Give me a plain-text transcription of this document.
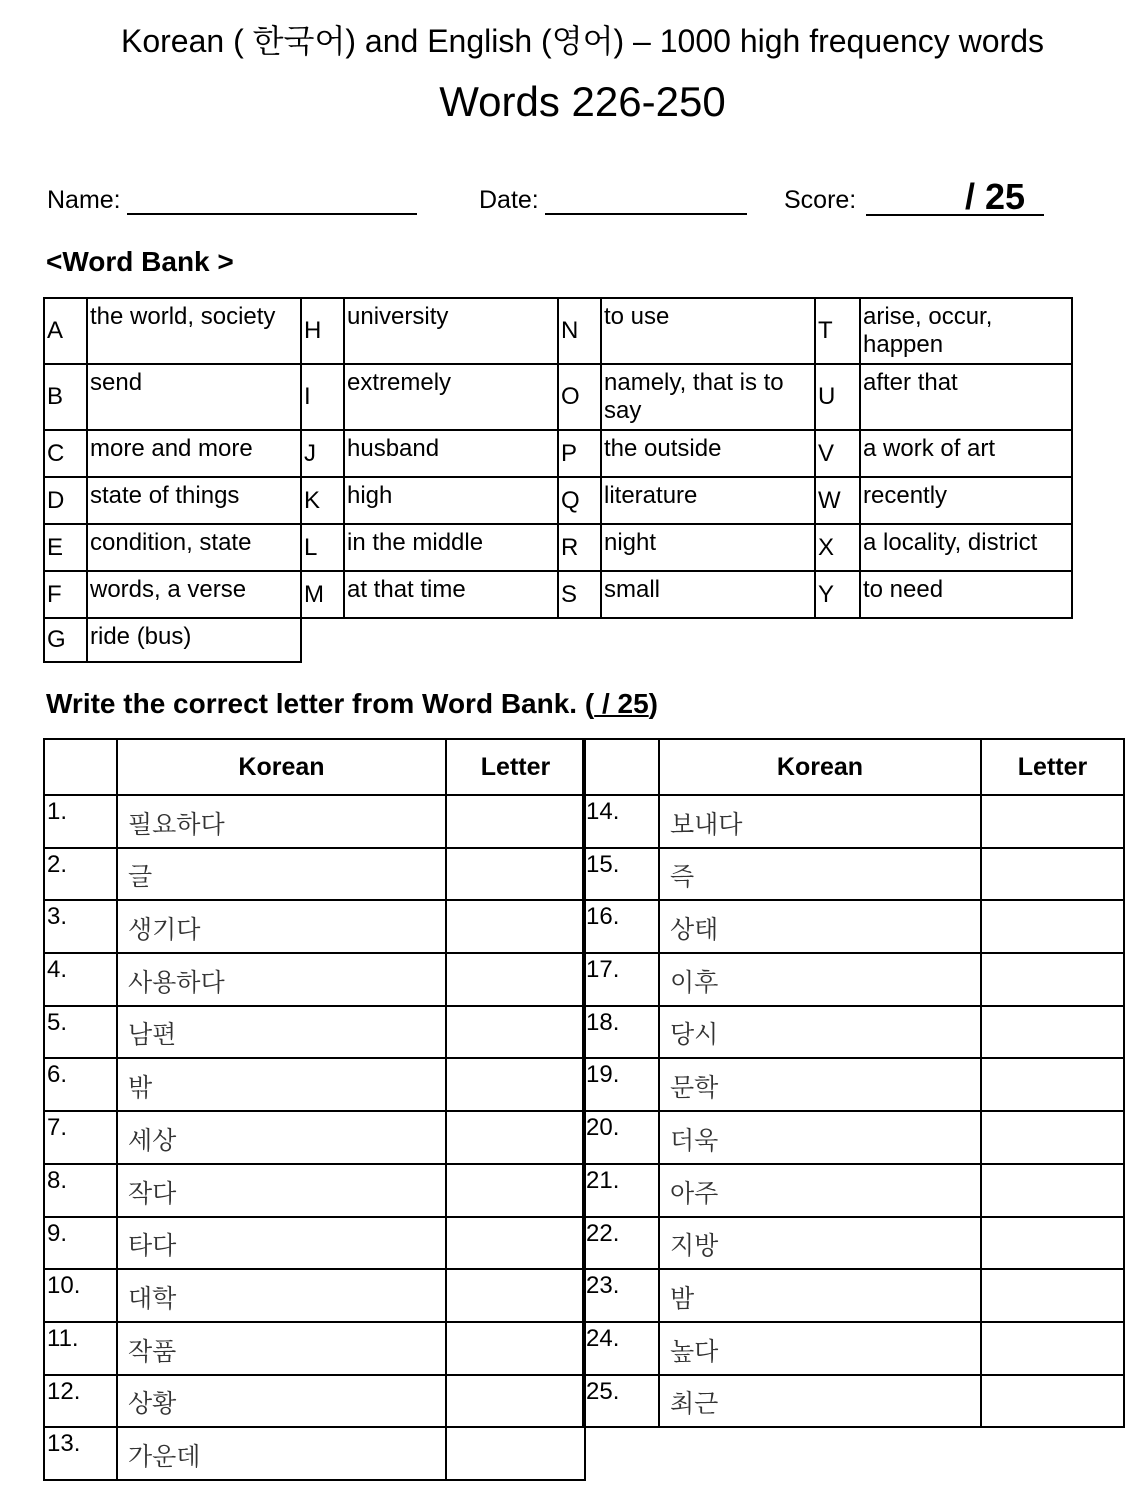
Korean ( 한국어) and English (영어) – 1000 high frequency words
Words 226-250
Name:	Date:	Score:	/ 25
<Word Bank >
A	the world, society	H	university	N	to use	T	arise, occur, happen
B	send	I	extremely	O	namely, that is to say	U	after that
C	more and more	J	husband	P	the outside	V	a work of art
D	state of things	K	high	Q	literature	W	recently
E	condition, state	L	in the middle	R	night	X	a locality, district
F	words, a verse	M	at that time	S	small	Y	to need
G	ride (bus)						
Write the correct letter from Word Bank. ( / 25)
	Korean	Letter
1.	필요하다	
2.	글	
3.	생기다	
4.	사용하다	
5.	남편	
6.	밖	
7.	세상	
8.	작다	
9.	타다	
10.	대학	
11.	작품	
12.	상황	
13.	가운데	
	Korean	Letter
14.	보내다	
15.	즉	
16.	상태	
17.	이후	
18.	당시	
19.	문학	
20.	더욱	
21.	아주	
22.	지방	
23.	밤	
24.	높다	
25.	최근	
